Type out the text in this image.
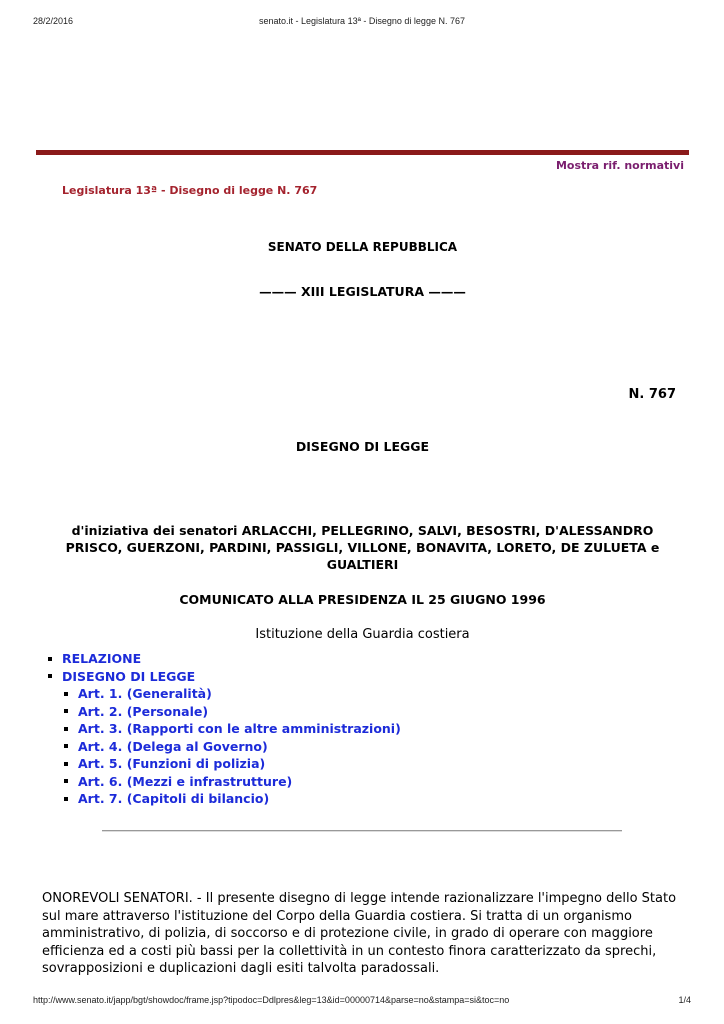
28/2/2016	senato.it - Legislatura 13ª - Disegno di legge N. 767
Mostra rif. normativi
Legislatura 13ª - Disegno di legge N. 767
SENATO DELLA REPUBBLICA
——— XIII LEGISLATURA ———
N. 767
DISEGNO DI LEGGE
d'iniziativa dei senatori ARLACCHI, PELLEGRINO, SALVI, BESOSTRI, D'ALESSANDRO PRISCO, GUERZONI, PARDINI, PASSIGLI, VILLONE, BONAVITA, LORETO, DE ZULUETA e GUALTIERI
COMUNICATO ALLA PRESIDENZA IL 25 GIUGNO 1996
Istituzione della Guardia costiera
RELAZIONE
DISEGNO DI LEGGE
Art. 1. (Generalità)
Art. 2. (Personale)
Art. 3. (Rapporti con le altre amministrazioni)
Art. 4. (Delega al Governo)
Art. 5. (Funzioni di polizia)
Art. 6. (Mezzi e infrastrutture)
Art. 7. (Capitoli di bilancio)

ONOREVOLI SENATORI. - Il presente disegno di legge intende razionalizzare l'impegno dello Stato sul mare attraverso l'istituzione del Corpo della Guardia costiera. Si tratta di un organismo amministrativo, di polizia, di soccorso e di protezione civile, in grado di operare con maggiore efficienza ed a costi più bassi per la collettività in un contesto finora caratterizzato da sprechi, sovrapposizioni e duplicazioni dagli esiti talvolta paradossali.

http://www.senato.it/japp/bgt/showdoc/frame.jsp?tipodoc=Ddlpres&leg=13&id=00000714&parse=no&stampa=si&toc=no	1/4
